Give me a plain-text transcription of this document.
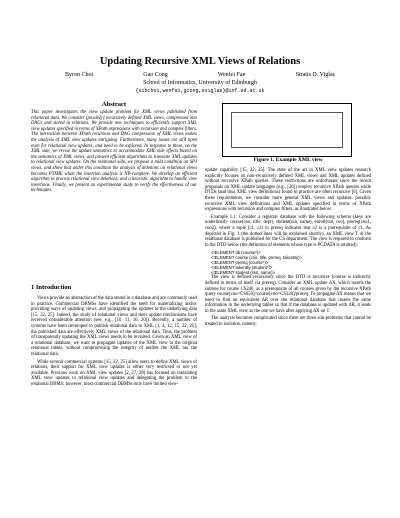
Updating Recursive XML Views of Relations
Byron Choi	Gao Cong	Wenfei Fan	Stratis D. Viglas
School of Informatics, University of Edinburgh
{vibchoi,wenfei,gcong,sviglas}@inf.ed.ac.uk
Abstract
This paper investigates the view update problem for XML views published from relational data. We consider (possibly) recursively defined XML views, compressed into DAGs and stored in relations. We provide new techniques to efficiently support XML view updates specified in terms of XPath expressions with recursion and complex filters. The interaction between XPath recursion and DAG compression of XML views makes the analysis of XML view updates intriguing. Furthermore, many issues are still open even for relational view updates, and need to be explored. In response to these, on the XML side, we revise the update semantics to accommodate XML side effects based on the semantics of XML views, and present efficient algorithms to translate XML updates to relational view updates. On the relational side, we propose a mild condition on SPJ views, and show that under this condition the analysis of deletions on relational views becomes PTIME while the insertion analysis is NP-complete. We develop an efficient algorithm to process relational view deletions, and a heuristic algorithm to handle view insertions. Finally, we present an experimental study to verify the effectiveness of our techniques.
1 Introduction

Views provide an abstraction of the data stored in a database and are commonly used in practice. Commercial DBMSs have identified the need for materializing and/or providing ways of updating views, and propagating the updates to the underlying data [15, 22, 25]. Indeed, the study of relational views and their update mechanisms have received considerable attention (see, e.g., [10, 11, 16, 20]). Recently, a number of systems have been developed to publish relational data in XML [1, 4, 12, 15, 22, 25]; the published data are effectively XML views of the relational data. Thus, the problem of transparently updating the XML views needs to be revisited. Given an XML view of a relational database, we want to propagate updates of the XML view to the original relational tables, without compromising the integrity of neither the XML nor the relational data.

While several commercial systems [15, 22, 25] allow users to define XML views of relations, their support for XML view updates is either very restricted or not yet available. Previous work on XML view updates [2, 27, 28] has focused on translating XML view updates to relational view updates and delegating the problem to the relational DBMS; however, most commercial DBMSs only have limited view-

Figure 1. Example XML view

update capability [15, 22, 25]. The state of the art in XML view updates research explicitly focuses on non-recursively defined XML views and XML updates defined without recursive XPath queries. These restrictions are unfortunate since the recent proposals on XML update languages (e.g., [26]) employ recursive XPath queries while DTDs (and thus XML view definitions) found in practice are often recursive [6]. Given these requirements, we consider more general XML views and updates: possibly recursive XML view definitions and XML updates specified in terms of XPath expressions with recursion and complex filters, as illustrated below.

Example 1.1: Consider a registrar database with the following schema (keys are underlined): course(cno, title, dept), student(ssn, name), enroll(ssn, cno), prereq(cno1, cno2), where a tuple (c1, c2) in prereq indicates that c2 is a prerequisite of c1. As depicted in Fig. 1 (the dotted lines will be explained shortly), an XML view T of the relational database is published for the CS department. The view is required to conform to the DTD below (the definition of elements whose type is PCDATA is omitted):

<!ELEMENT db (course*)>
<!ELEMENT course (cno, title, prereq, takenBy)>
<!ELEMENT prereq (course*)>
<!ELEMENT takenBy (student*)>
<!ELEMENT student (ssn, name)>

The view is defined recursively since the DTD is recursive (course is indirectly defined in terms of itself via prereq). Consider an XML update ΔX, which inserts the subtree for course CS240, as a prerequisite of all courses given by the recursive XPath query course[cno=CS650]//course[cno=CS320]/prereq. To propagate ΔX means that we need to find an equivalent ΔR over the relational database that inserts the same information in the underlying tables so that if the database is updated with ΔR, it leads to the same XML view as the one we have after applying ΔX on T.

The analysis becomes complicated since there are three sub-problems that cannot be treated in isolation, namely:
